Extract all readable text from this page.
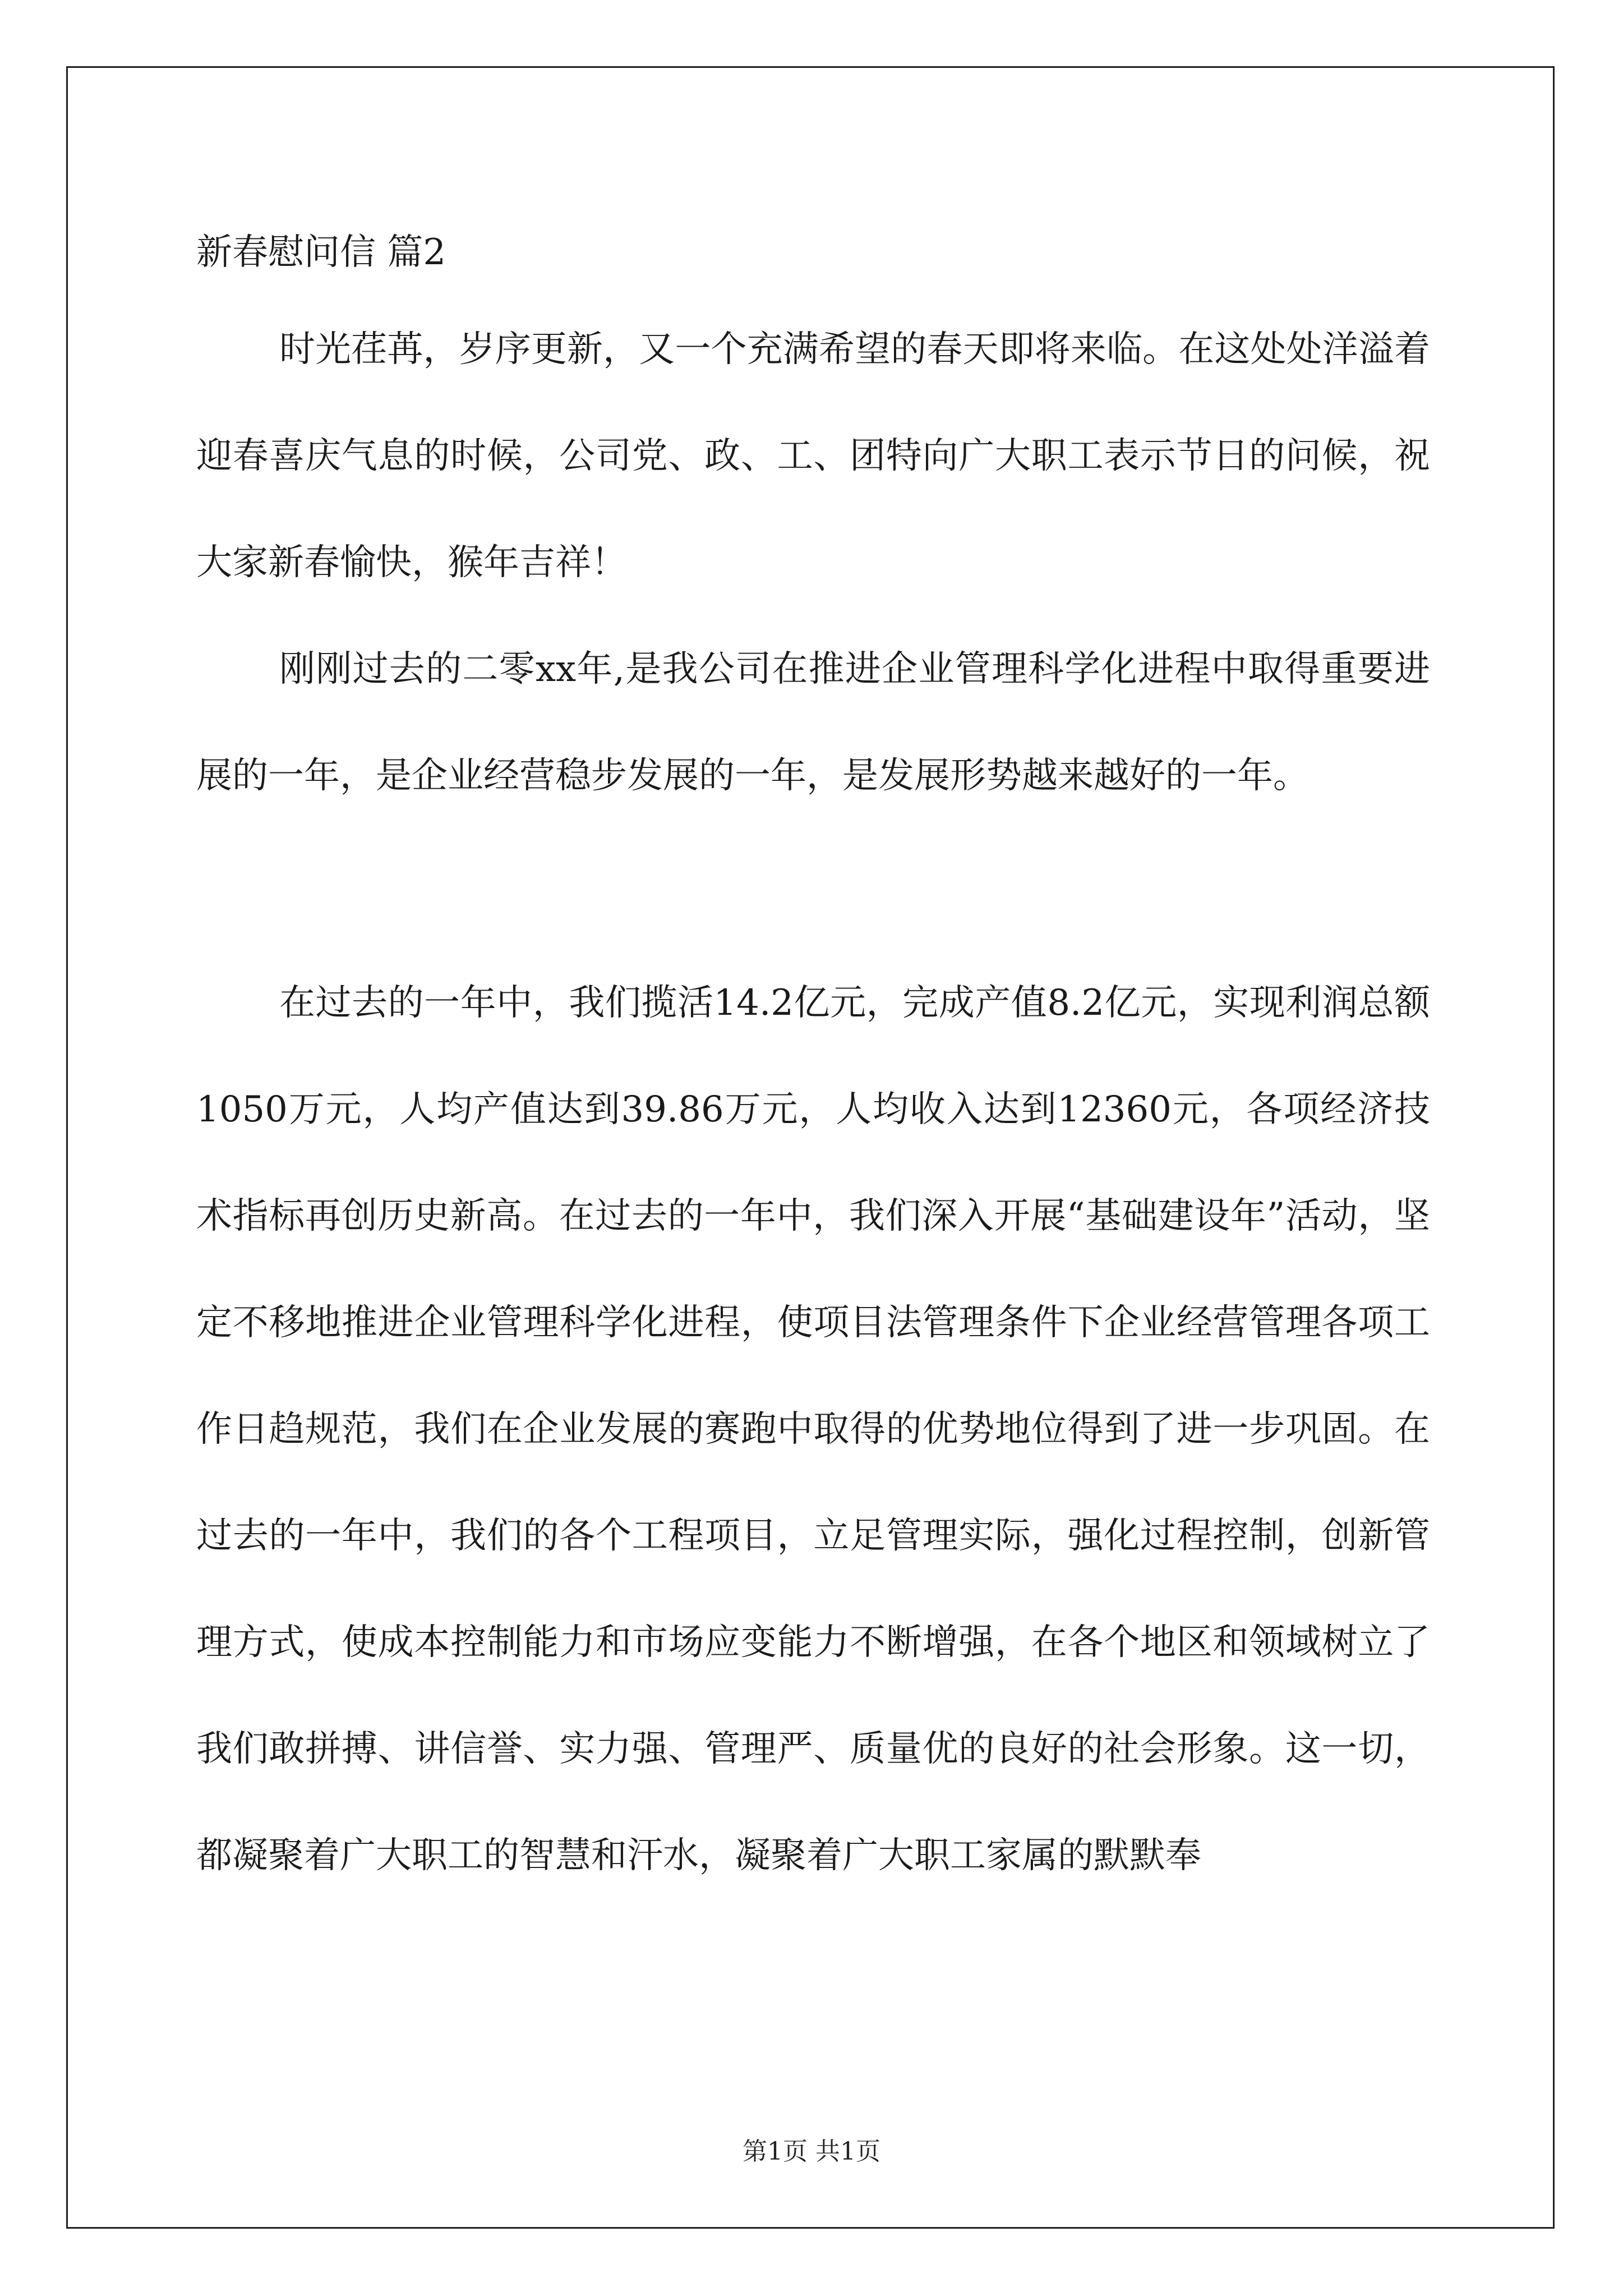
新春慰问信 篇2

时光荏苒，岁序更新，又一个充满希望的春天即将来临。在这处处洋溢着迎春喜庆气息的时候，公司党、政、工、团特向广大职工表示节日的问候，祝大家新春愉快，猴年吉祥！

刚刚过去的二零xx年,是我公司在推进企业管理科学化进程中取得重要进展的一年，是企业经营稳步发展的一年，是发展形势越来越好的一年。

在过去的一年中，我们揽活14.2亿元，完成产值8.2亿元，实现利润总额1050万元，人均产值达到39.86万元，人均收入达到12360元，各项经济技术指标再创历史新高。在过去的一年中，我们深入开展“基础建设年”活动，坚定不移地推进企业管理科学化进程，使项目法管理条件下企业经营管理各项工作日趋规范，我们在企业发展的赛跑中取得的优势地位得到了进一步巩固。在过去的一年中，我们的各个工程项目，立足管理实际，强化过程控制，创新管理方式，使成本控制能力和市场应变能力不断增强，在各个地区和领域树立了我们敢拼搏、讲信誉、实力强、管理严、质量优的良好的社会形象。这一切，都凝聚着广大职工的智慧和汗水，凝聚着广大职工家属的默默奉

第1页 共1页
